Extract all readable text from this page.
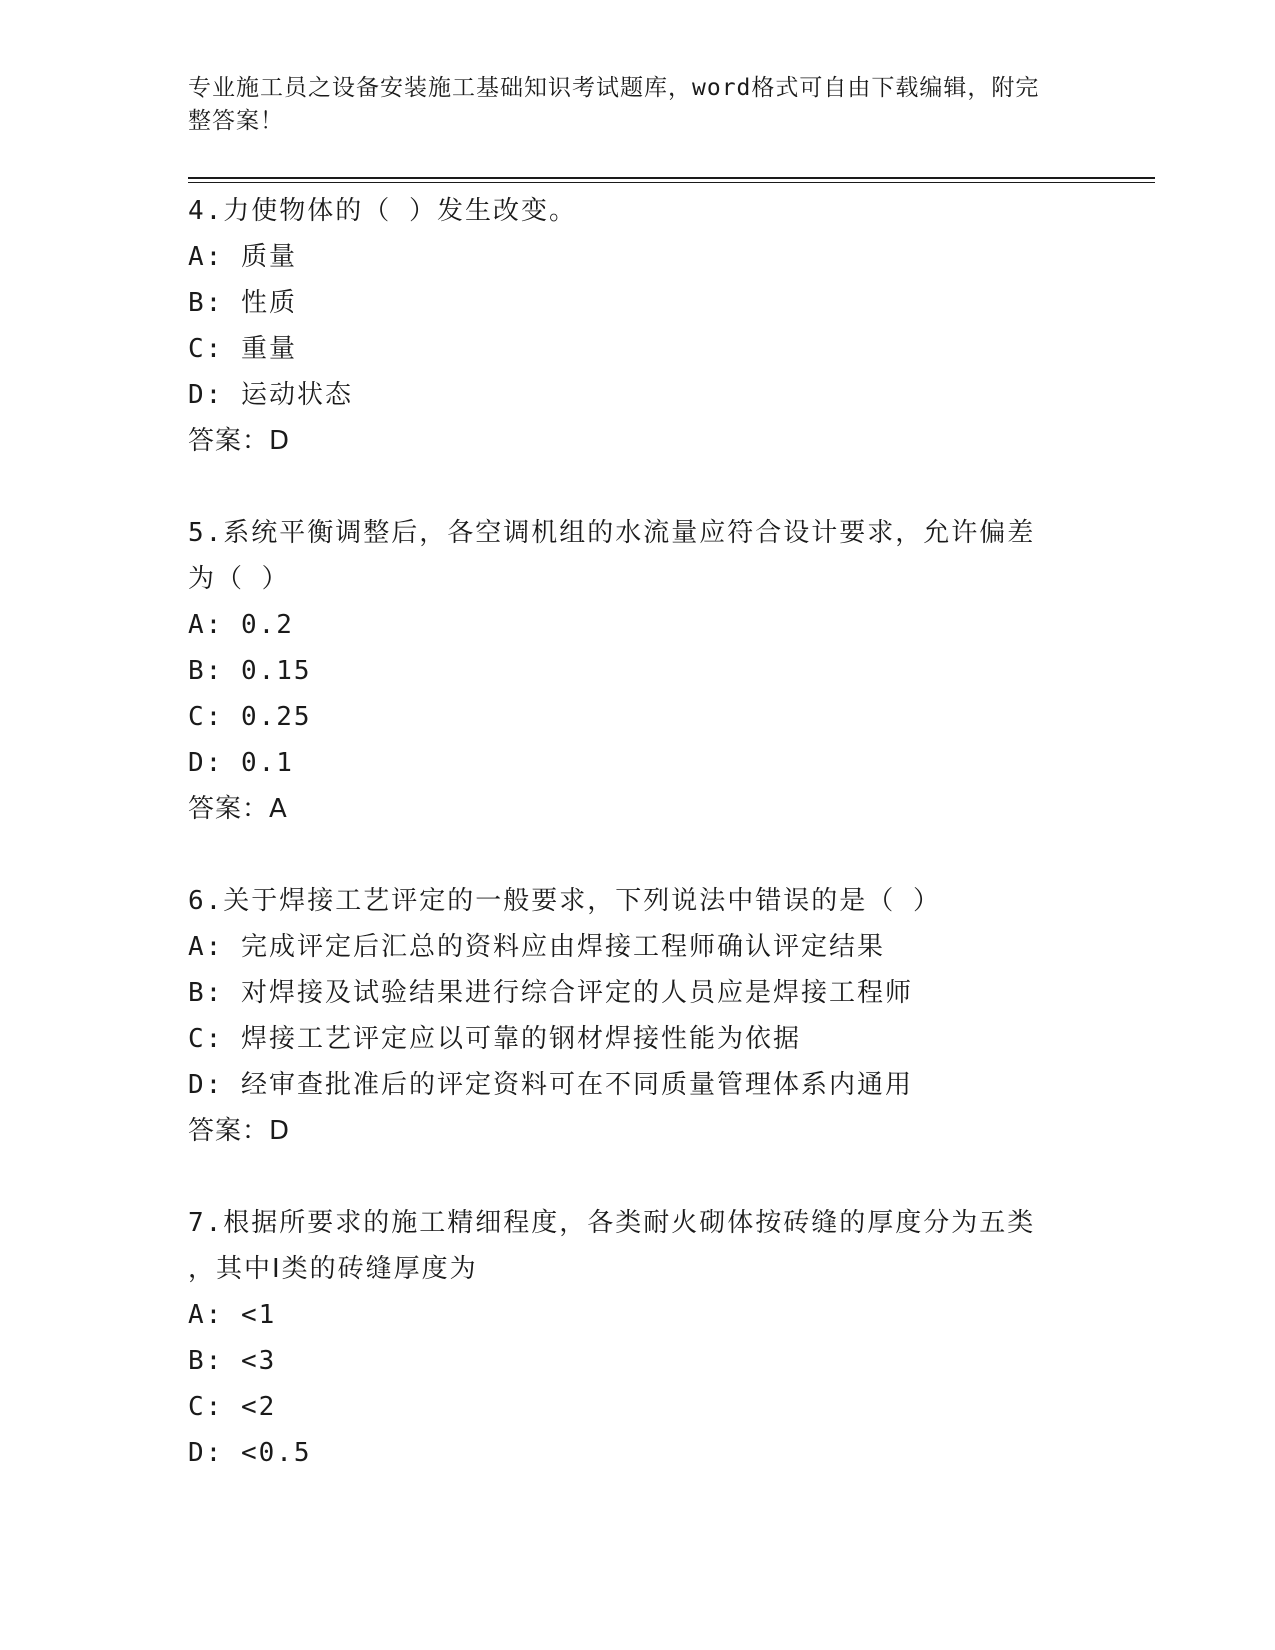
专业施工员之设备安装施工基础知识考试题库，word格式可自由下载编辑，附完
整答案！
4.力使物体的（ ）发生改变。
A: 质量
B: 性质
C: 重量
D: 运动状态
答案：D
5.系统平衡调整后，各空调机组的水流量应符合设计要求，允许偏差
为（ ）
A: 0.2
B: 0.15
C: 0.25
D: 0.1
答案：A
6.关于焊接工艺评定的一般要求，下列说法中错误的是（ ）
A: 完成评定后汇总的资料应由焊接工程师确认评定结果
B: 对焊接及试验结果进行综合评定的人员应是焊接工程师
C: 焊接工艺评定应以可靠的钢材焊接性能为依据
D: 经审查批准后的评定资料可在不同质量管理体系内通用
答案：D
7.根据所要求的施工精细程度，各类耐火砌体按砖缝的厚度分为五类
，其中Ⅰ类的砖缝厚度为
A: <1
B: <3
C: <2
D: <0.5
